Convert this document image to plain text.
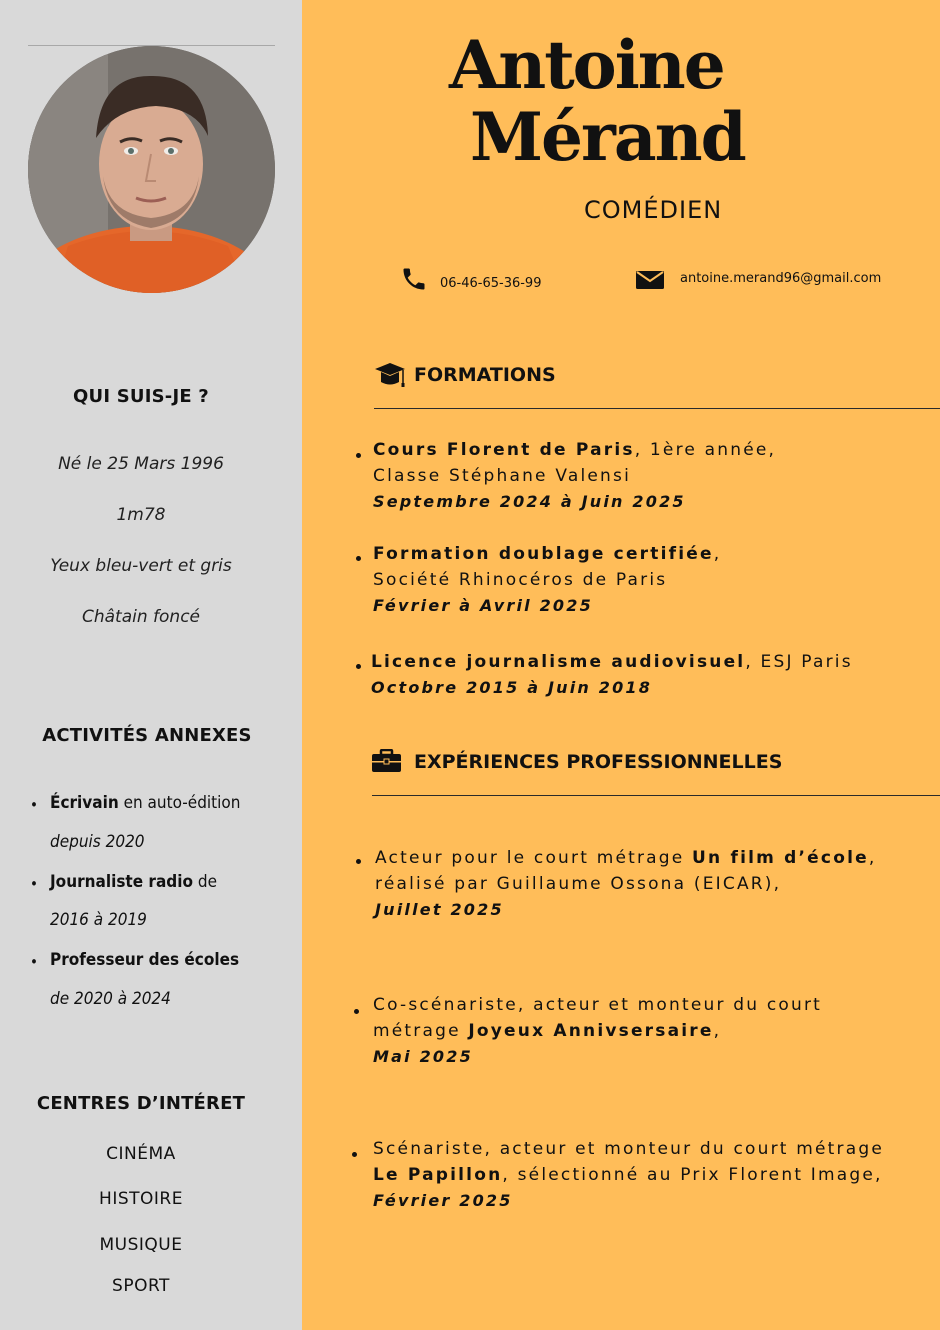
QUI SUIS-JE ?
Né le 25 Mars 1996
1m78
Yeux bleu-vert et gris
Châtain foncé
ACTIVITÉS ANNEXES
• Écrivain en auto-édition
depuis 2020
• Journaliste radio de
2016 à 2019
• Professeur des écoles
de 2020 à 2024
CENTRES D’INTÉRET
CINÉMA
HISTOIRE
MUSIQUE
SPORT
Antoine
Mérand
COMÉDIEN
06-46-65-36-99	antoine.merand96@gmail.com
FORMATIONS
Cours Florent de Paris, 1ère année,
Classe Stéphane Valensi
Septembre 2024 à Juin 2025
Formation doublage certifiée,
Société Rhinocéros de Paris
Février à Avril 2025
Licence journalisme audiovisuel, ESJ Paris
Octobre 2015 à Juin 2018
EXPÉRIENCES PROFESSIONNELLES
Acteur pour le court métrage Un film d’école,
réalisé par Guillaume Ossona (EICAR),
Juillet 2025
Co-scénariste, acteur et monteur du court
métrage Joyeux Annivsersaire,
Mai 2025
Scénariste, acteur et monteur du court métrage
Le Papillon, sélectionné au Prix Florent Image,
Février 2025
